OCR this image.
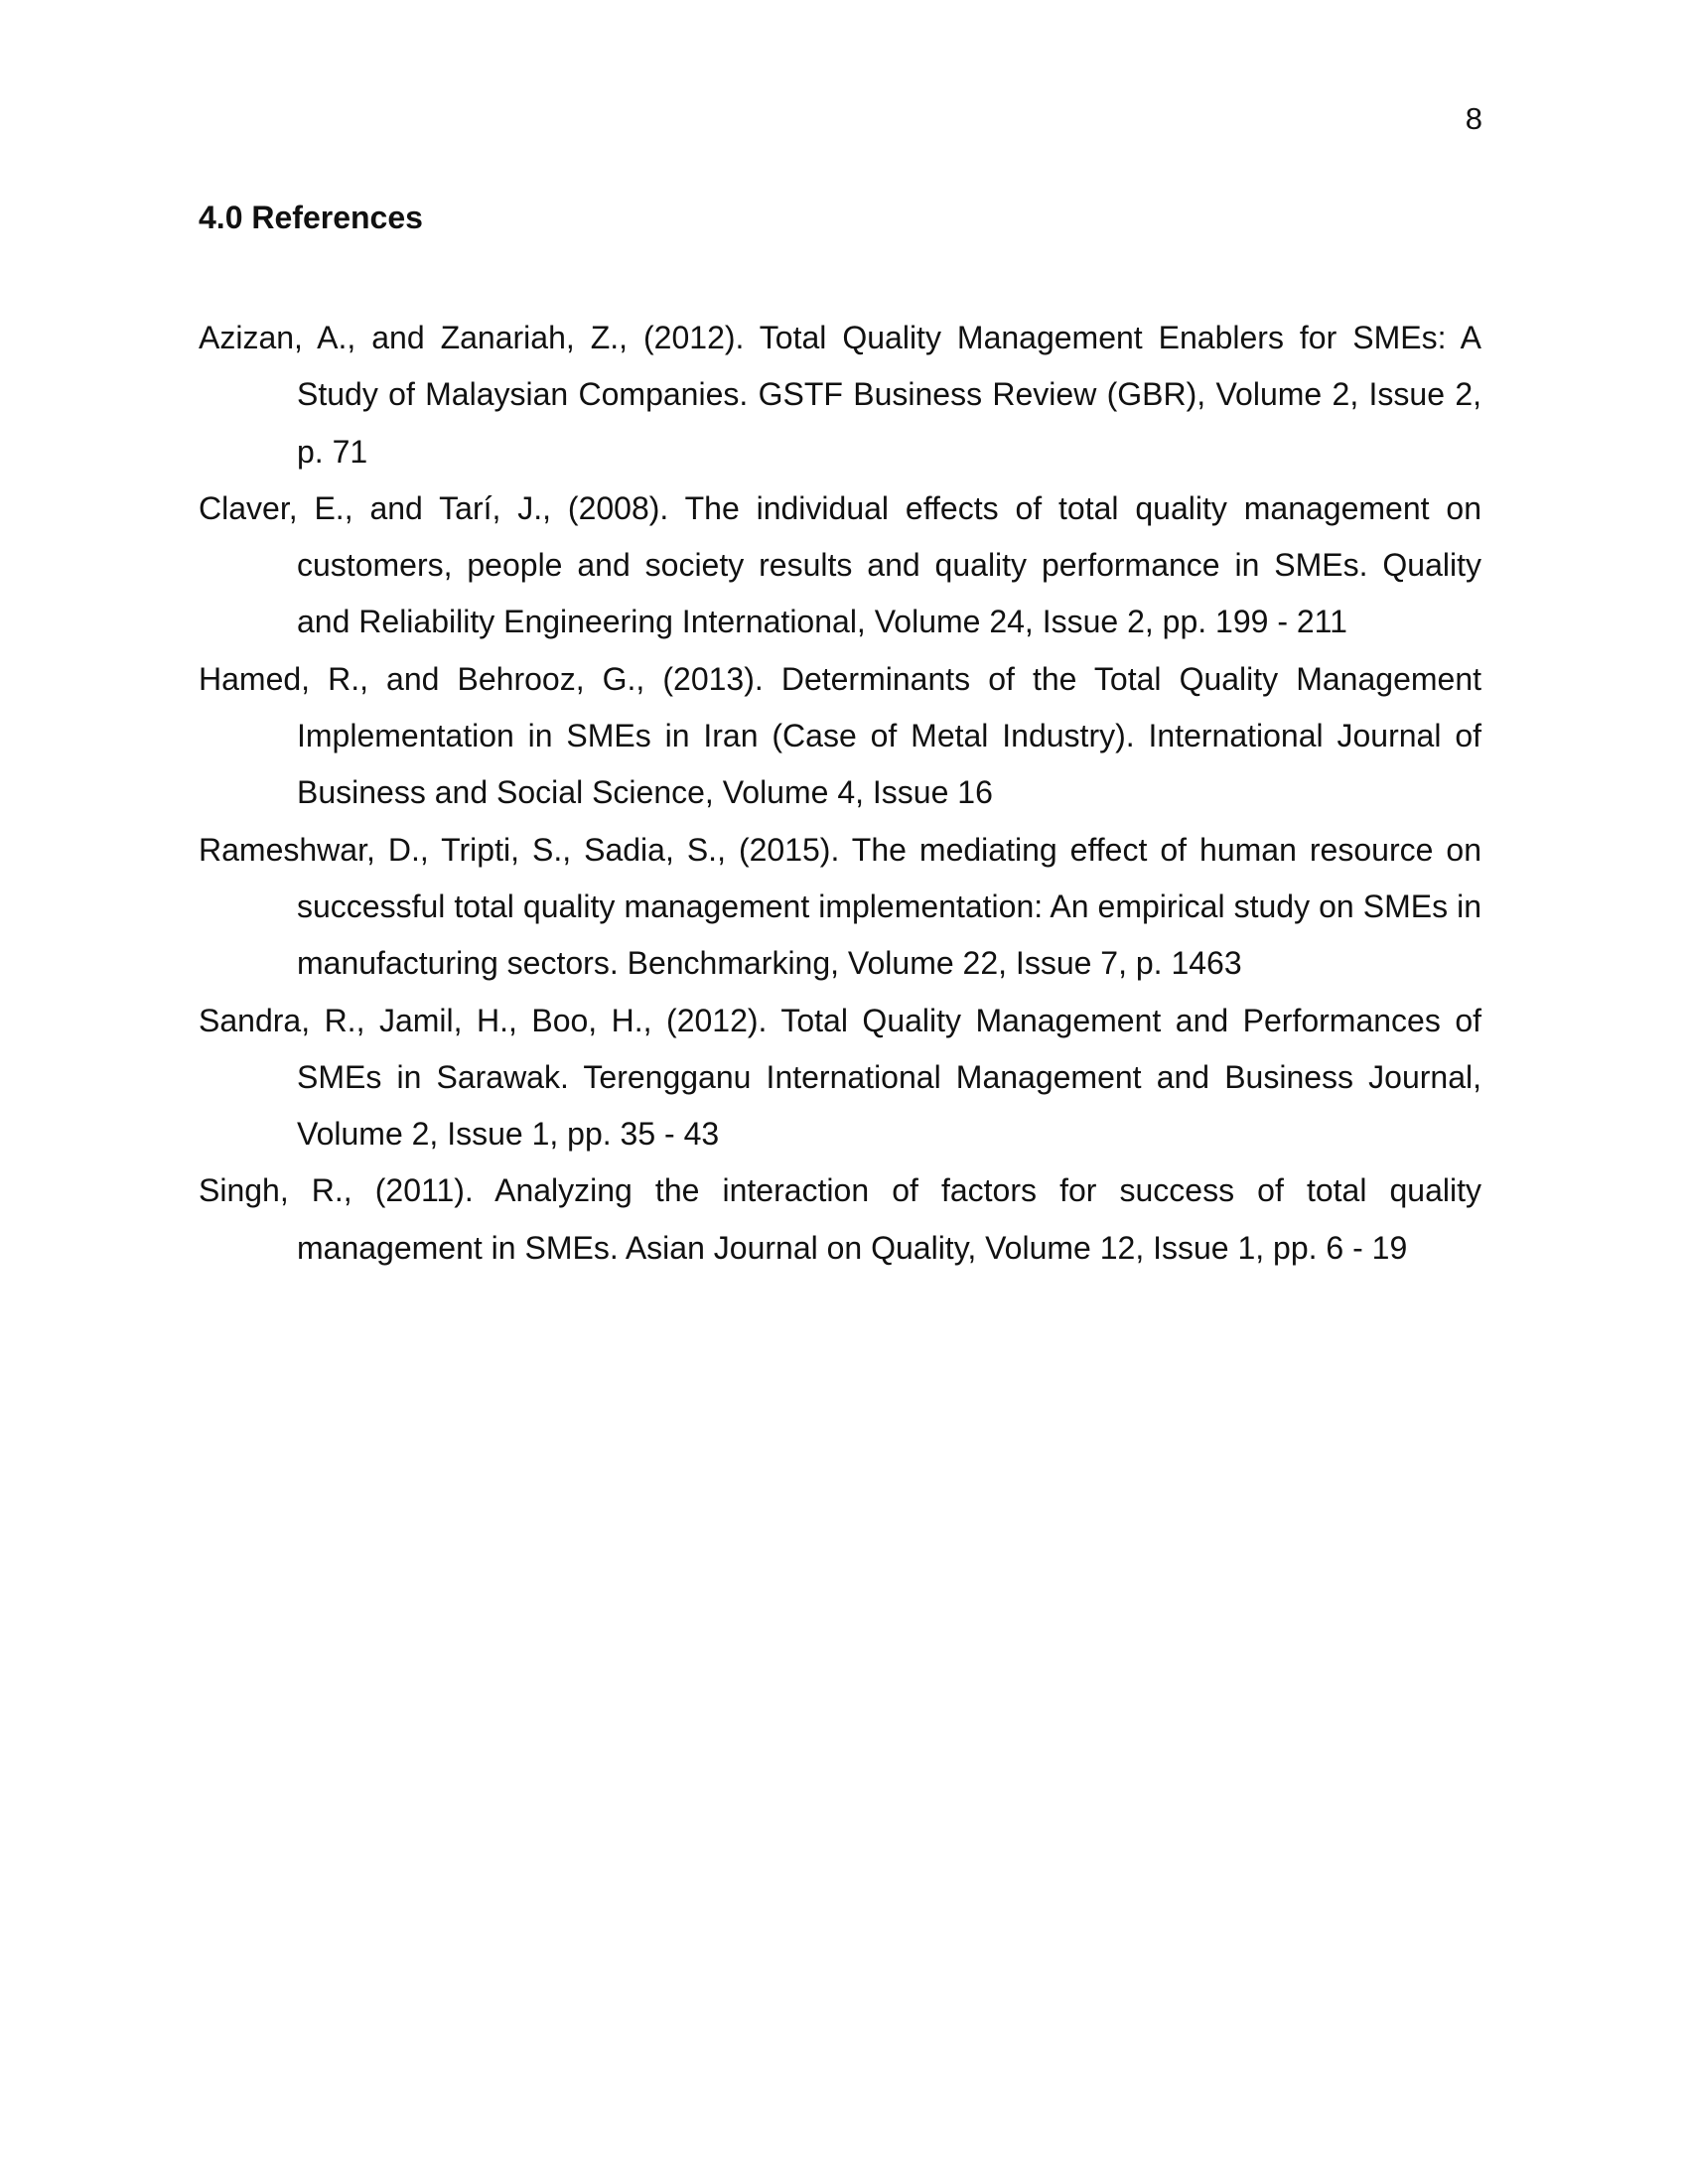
8

4.0 References
Azizan, A., and Zanariah, Z., (2012). Total Quality Management Enablers for SMEs: A Study of Malaysian Companies. GSTF Business Review (GBR), Volume 2, Issue 2, p. 71
Claver, E., and Tarí, J., (2008). The individual effects of total quality management on customers, people and society results and quality performance in SMEs. Quality and Reliability Engineering International, Volume 24, Issue 2, pp. 199 - 211
Hamed, R., and Behrooz, G., (2013). Determinants of the Total Quality Management Implementation in SMEs in Iran (Case of Metal Industry). International Journal of Business and Social Science, Volume 4, Issue 16
Rameshwar, D., Tripti, S., Sadia, S., (2015). The mediating effect of human resource on successful total quality management implementation: An empirical study on SMEs in manufacturing sectors. Benchmarking, Volume 22, Issue 7, p. 1463
Sandra, R., Jamil, H., Boo, H., (2012). Total Quality Management and Performances of SMEs in Sarawak. Terengganu International Management and Business Journal, Volume 2, Issue 1, pp. 35 - 43
Singh, R., (2011). Analyzing the interaction of factors for success of total quality management in SMEs. Asian Journal on Quality, Volume 12, Issue 1, pp. 6 - 19
